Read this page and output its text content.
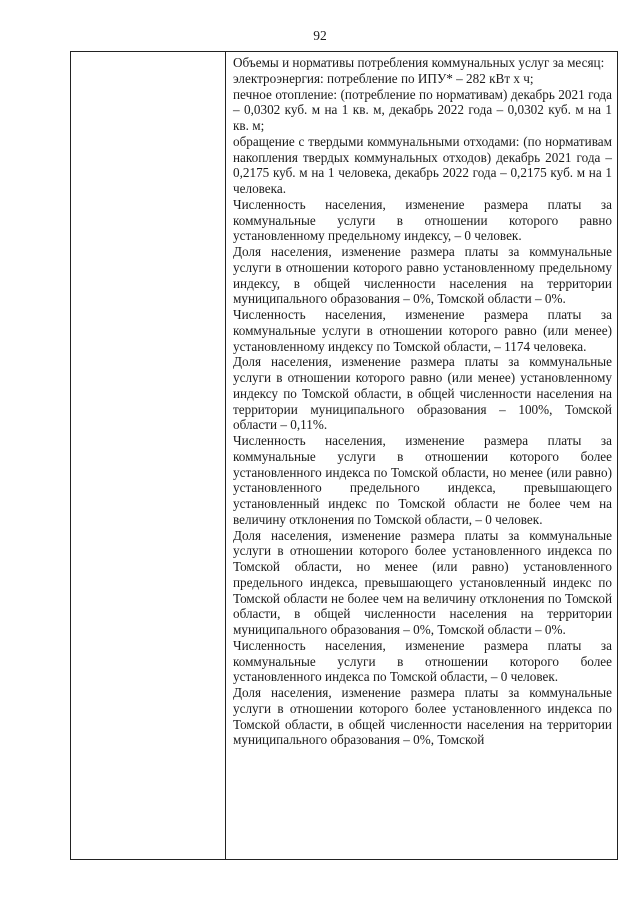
92

Объемы и нормативы потребления коммунальных услуг за месяц:

электроэнергия: потребление по ИПУ* – 282 кВт х ч;

печное отопление: (потребление по нормативам) декабрь 2021 года – 0,0302 куб. м на 1 кв. м, декабрь 2022 года – 0,0302 куб. м на 1 кв. м;

обращение с твердыми коммунальными отходами: (по нормативам накопления твердых коммунальных отходов) декабрь 2021 года – 0,2175 куб. м на 1 человека, декабрь 2022 года – 0,2175 куб. м на 1 человека.

Численность населения, изменение размера платы за коммунальные услуги в отношении которого равно установленному предельному индексу, – 0 человек.

Доля населения, изменение размера платы за коммунальные услуги в отношении которого равно установленному предельному индексу, в общей численности населения на территории муниципального образования – 0%, Томской области – 0%.

Численность населения, изменение размера платы за коммунальные услуги в отношении которого равно (или менее) установленному индексу по Томской области, – 1174 человека.

Доля населения, изменение размера платы за коммунальные услуги в отношении которого равно (или менее) установленному индексу по Томской области, в общей численности населения на территории муниципального образования – 100%, Томской области – 0,11%.

Численность населения, изменение размера платы за коммунальные услуги в отношении которого более установленного индекса по Томской области, но менее (или равно) установленного предельного индекса, превышающего установленный индекс по Томской области не более чем на величину отклонения по Томской области, – 0 человек.

Доля населения, изменение размера платы за коммунальные услуги в отношении которого более установленного индекса по Томской области, но менее (или равно) установленного предельного индекса, превышающего установленный индекс по Томской области не более чем на величину отклонения по Томской области, в общей численности населения на территории муниципального образования – 0%, Томской области – 0%.

Численность населения, изменение размера платы за коммунальные услуги в отношении которого более установленного индекса по Томской области, – 0 человек.

Доля населения, изменение размера платы за коммунальные услуги в отношении которого более установленного индекса по Томской области, в общей численности населения на территории муниципального образования – 0%, Томской
